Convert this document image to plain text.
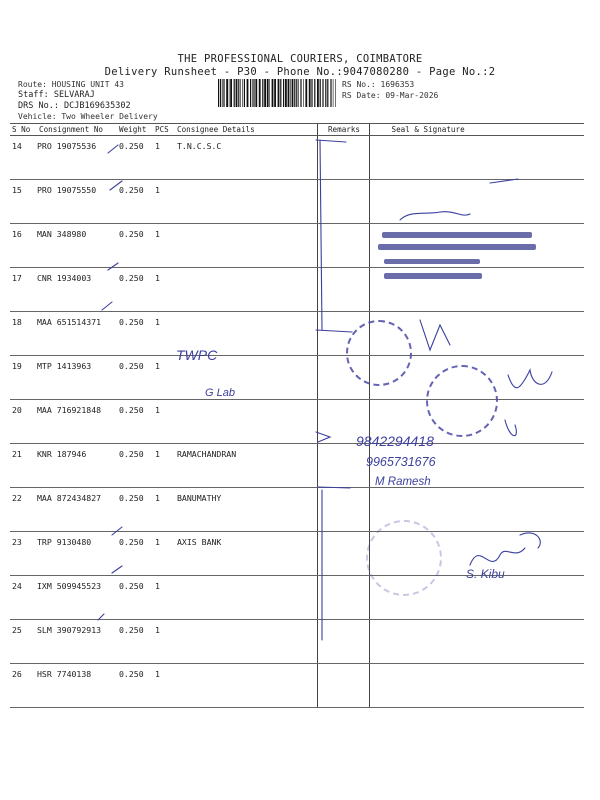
THE PROFESSIONAL COURIERS, COIMBATORE
Delivery Runsheet - P30 - Phone No.:9047080280 - Page No.:2
Route: HOUSING UNIT 43
Staff: SELVARAJ
DRS No.: DCJB169635302
Vehicle: Two Wheeler Delivery
RS No.: 1696353
RS Date: 09-Mar-2026
S No	Consignment No	Weight	PCS	Consignee Details	Remarks	Seal & Signature
14	PRO 19075536	0.250	1	T.N.C.S.C		
15	PRO 19075550	0.250	1			
16	MAN 348980	0.250	1			
17	CNR 1934003	0.250	1			
18	MAA 651514371	0.250	1			
19	MTP 1413963	0.250	1			
20	MAA 716921848	0.250	1			
21	KNR 187946	0.250	1	RAMACHANDRAN		
22	MAA 872434827	0.250	1	BANUMATHY		
23	TRP 9130480	0.250	1	AXIS BANK		
24	IXM 509945523	0.250	1			
25	SLM 390792913	0.250	1			
26	HSR 7740138	0.250	1			
TWPC
G Lab
9842294418
9965731676
M Ramesh
S. Kibu
